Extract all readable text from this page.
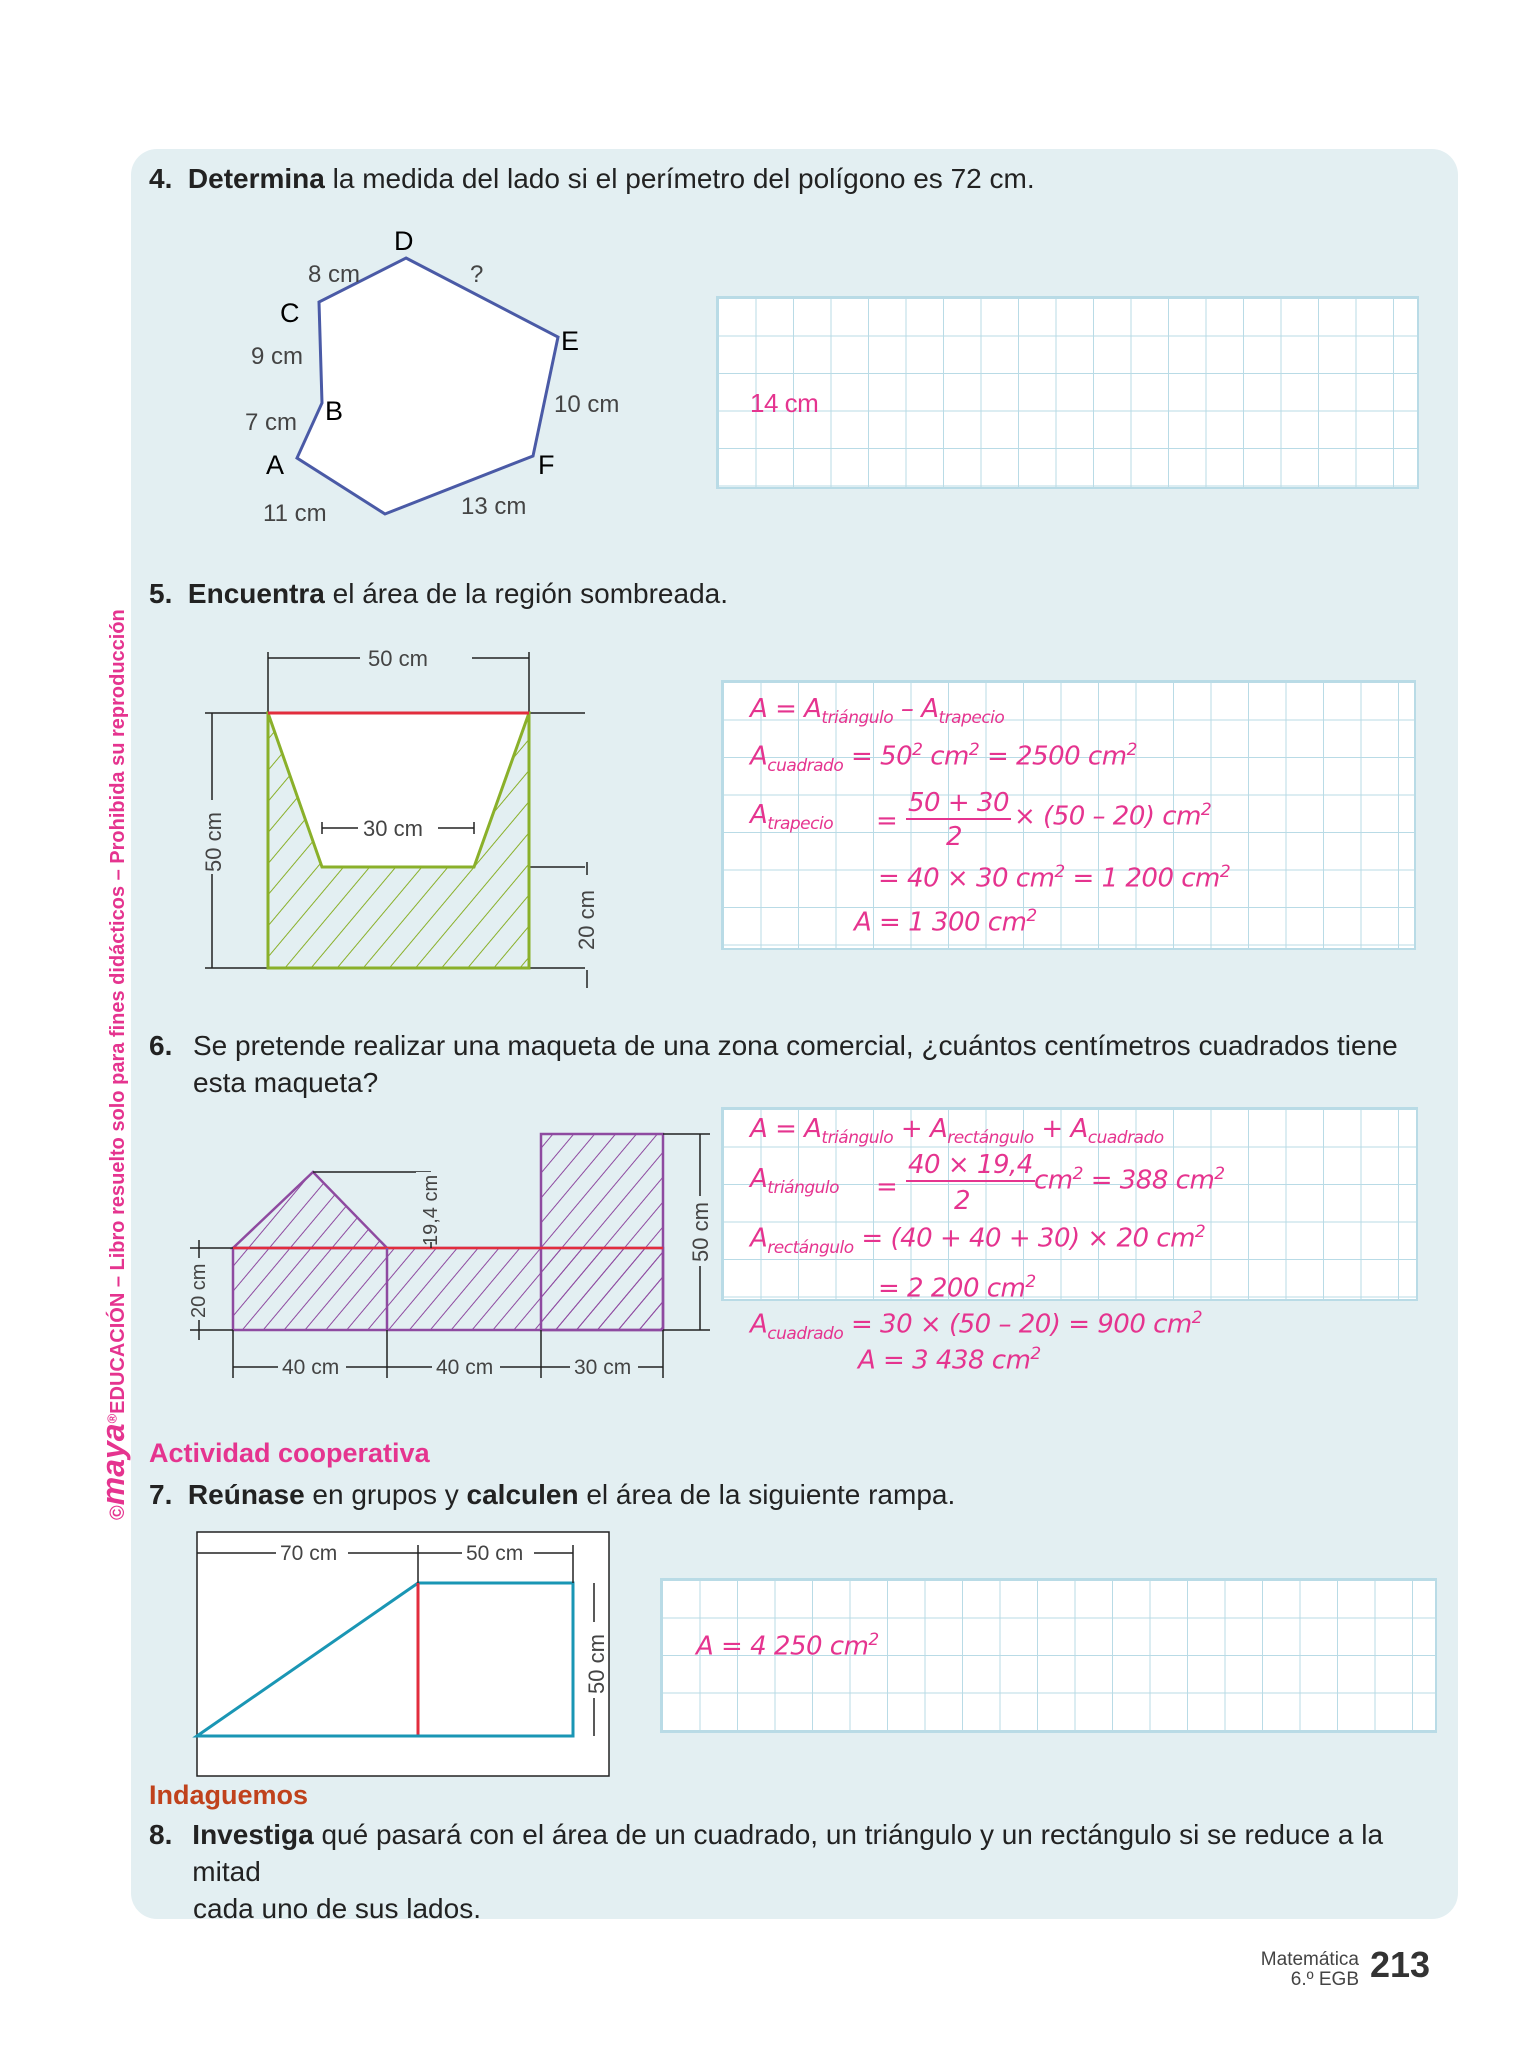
©maya®EDUCACIÓN – Libro resuelto solo para fines didácticos – Prohibida su reproducción
4. Determina la medida del lado si el perímetro del polígono es 72 cm.
D
C
E
B
A	F
8 cm	?
9 cm
10 cm
7 cm
11 cm	13 cm
14 cm
5. Encuentra el área de la región sombreada.
50 cm
30 cm
50 cm
20 cm
$A = A_{triángulo} - A_{trapecio}$
$A_{cuadrado} = 50^2$ $cm^2 = 2500$ $cm^2$
$A_{trapecio}$ =
50 + 30
2
× (50 – 20) $cm^2$
= 40 × 30 $cm^2 = 1$ 200 $cm^2$
A = 1 300 $cm^2$
6. Se pretende realizar una maqueta de una zona comercial, ¿cuántos centímetros cuadrados tiene
esta maqueta?
19,4 cm
20 cm
50 cm
40 cm	40 cm	30 cm
$A = A_{triángulo} + A_{rectángulo} + A_{cuadrado}$
$A_{triángulo}$ =
40 × 19,4
2
$cm^2 = 388$ $cm^2$
$A_{rectángulo} = (40 + 40 + 30) \times 20$ $cm^2$
= 2 200 $cm^2$
$A_{cuadrado} = 30 \times (50 - 20) = 900$ $cm^2$
A = 3 438 $cm^2$
Actividad cooperativa
7. Reúnase en grupos y calculen el área de la siguiente rampa.
70 cm	50 cm
50 cm	A = 4 250 $cm^2$
Indaguemos
8. Investiga qué pasará con el área de un cuadrado, un triángulo y un rectángulo si se reduce a la mitad
cada uno de sus lados.
Matemática
6.º EGB 213
